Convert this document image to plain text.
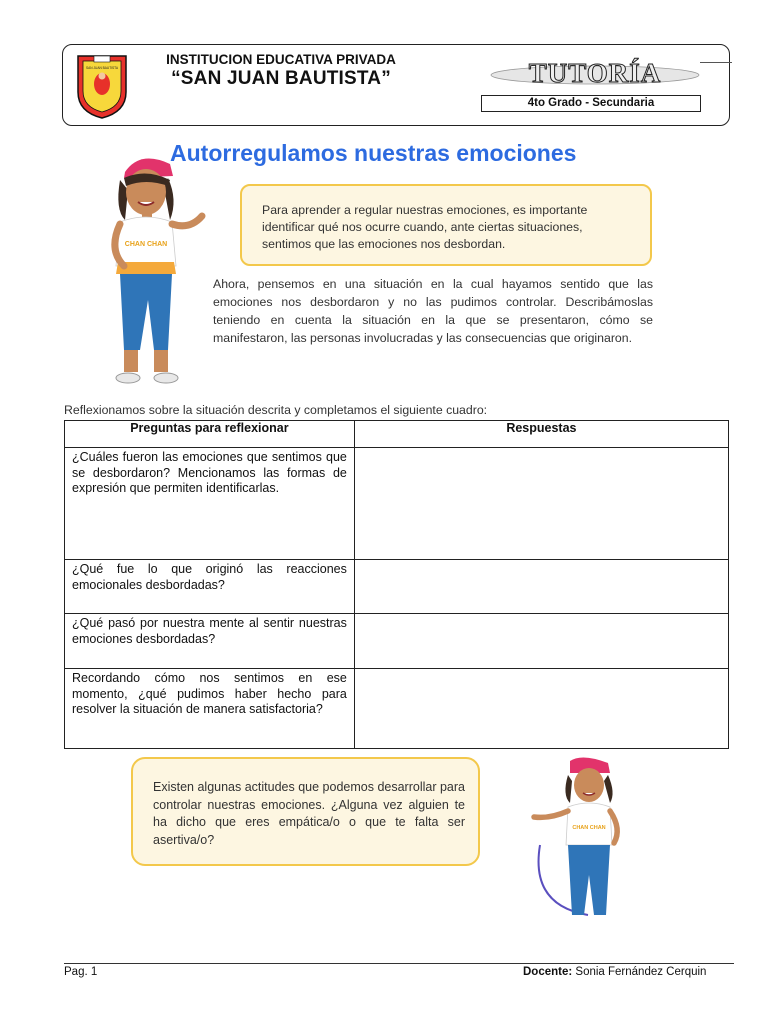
SAN JUAN BAUTISTA
INSTITUCION EDUCATIVA PRIVADA
“SAN JUAN BAUTISTA”	TUTORÍA
4to Grado - Secundaria
Autorregulamos nuestras emociones
CHAN CHAN

Para aprender a regular nuestras emociones, es importante identificar qué nos ocurre cuando, ante ciertas situaciones, sentimos que las emociones nos desbordan.

Ahora, pensemos en una situación en la cual hayamos sentido que las emociones nos desbordaron y no las pudimos controlar. Describámoslas teniendo en cuenta la situación en la que se presentaron, cómo se manifestaron, las personas involucradas y las consecuencias que originaron.
Reflexionamos sobre la situación descrita y completamos el siguiente cuadro:
Preguntas para reflexionar	Respuestas
¿Cuáles fueron las emociones que sentimos que se desbordaron? Mencionamos las formas de expresión que permiten identificarlas.	
¿Qué fue lo que originó las reacciones emocionales desbordadas?	
¿Qué pasó por nuestra mente al sentir nuestras emociones desbordadas?	
Recordando cómo nos sentimos en ese momento, ¿qué pudimos haber hecho para resolver la situación de manera satisfactoria?	

Existen algunas actitudes que podemos desarrollar para controlar nuestras emociones. ¿Alguna vez alguien te ha dicho que eres empática/o o que te falta ser asertiva/o?

CHAN CHAN
Pag. 1	Docente: Sonia Fernández Cerquin
